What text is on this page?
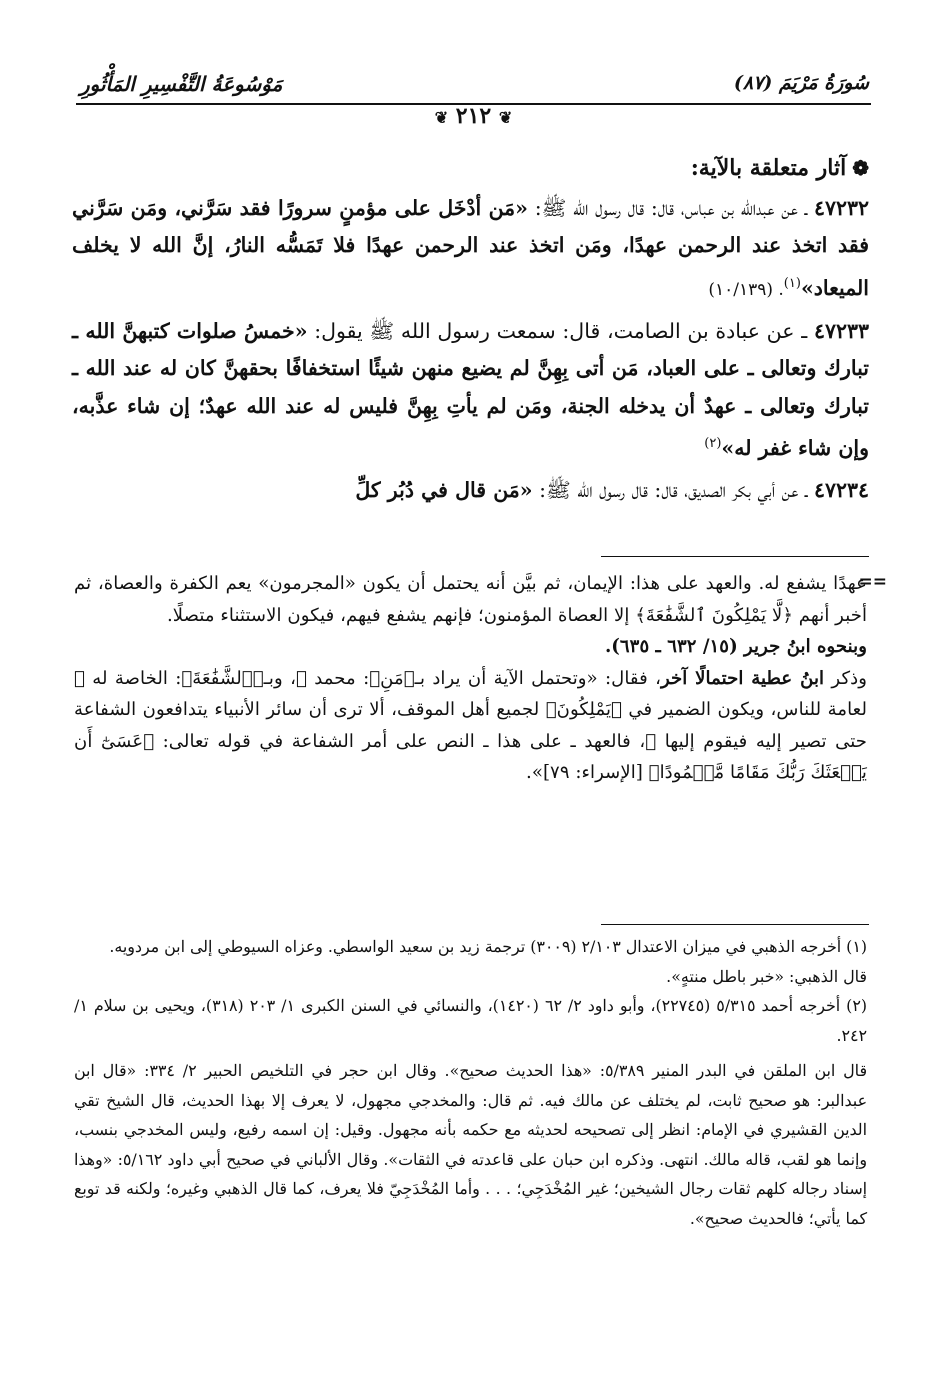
مَوْسُوعَةُ التَّفْسِيرِ المَأْثُورِ	سُورَةُ مَرْيَمَ (٨٧)
❦ ٢١٢ ❦
❁آثار متعلقة بالآية:

٤٧٢٣٢ ـ عن عبدالله بن عباس، قال: قال رسول الله ﷺ: «مَن أدْخَل على مؤمنٍ سرورًا فقد سَرَّني، ومَن سَرَّني فقد اتخذ عند الرحمن عهدًا، ومَن اتخذ عند الرحمن عهدًا فلا تَمَسُّه النارُ، إنَّ الله لا يخلف الميعاد»$^{(١)}$. (١٠/١٣٩)

٤٧٢٣٣ ـ عن عبادة بن الصامت، قال: سمعت رسول الله ﷺ يقول: «خمسُ صلوات كتبهنَّ الله ـ تبارك وتعالى ـ على العباد، مَن أتى بِهِنَّ لم يضيع منهن شيئًا استخفافًا بحقهنَّ كان له عند الله ـ تبارك وتعالى ـ عهدٌ أن يدخله الجنة، ومَن لم يأتِ بِهِنَّ فليس له عند الله عهدٌ؛ إن شاء عذَّبه، وإن شاء غفر له»$^{(٢)}$

٤٧٢٣٤ ـ عن أبي بكر الصديق، قال: قال رسول الله ﷺ: «مَن قال في دُبُر كلِّ

==

عهدًا يشفع له. والعهد على هذا: الإيمان، ثم بيَّن أنه يحتمل أن يكون «المجرمون» يعم الكفرة والعصاة، ثم أخبر أنهم ﴿لَّا يَمْلِكُونَ ٱلشَّفَٰعَةَ﴾ إلا العصاة المؤمنون؛ فإنهم يشفع فيهم، فيكون الاستثناء متصلًا.

وبنحوه ابنُ جرير (١٥/ ٦٣٢ ـ ٦٣٥).

وذكر ابنُ عطية احتمالًا آخر، فقال: «وتحتمل الآية أن يراد بـ﴿مَنِ﴾: محمد ﷺ، وبـ﴿ٱلشَّفَٰعَةَ﴾: الخاصة له ﷺ لعامة للناس، ويكون الضمير في ﴿يَمْلِكُونَ﴾ لجميع أهل الموقف، ألا ترى أن سائر الأنبياء يتدافعون الشفاعة حتى تصير إليه فيقوم إليها ﷺ، فالعهد ـ على هذا ـ النص على أمر الشفاعة في قوله تعالى: ﴿عَسَىٰٓ أَن يَبۡعَثَكَ رَبُّكَ مَقَامًا مَّحۡمُودًا﴾ [الإسراء: ٧٩]».

(١) أخرجه الذهبي في ميزان الاعتدال ٢/١٠٣ (٣٠٠٩) ترجمة زيد بن سعيد الواسطي. وعزاه السيوطي إلى ابن مردويه.

قال الذهبي: «خبر باطل منتهٍ».

(٢) أخرجه أحمد ٥/٣١٥ (٢٢٧٤٥)، وأبو داود ٢/ ٦٢ (١٤٢٠)، والنسائي في السنن الكبرى ١/ ٢٠٣ (٣١٨)، ويحيى بن سلام ١/ ٢٤٢.

قال ابن الملقن في البدر المنير ٥/٣٨٩: «هذا الحديث صحيح». وقال ابن حجر في التلخيص الحبير ٢/ ٣٣٤: «قال ابن عبدالبر: هو صحيح ثابت، لم يختلف عن مالك فيه. ثم قال: والمخدجي مجهول، لا يعرف إلا بهذا الحديث، قال الشيخ تقي الدين القشيري في الإمام: انظر إلى تصحيحه لحديثه مع حكمه بأنه مجهول. وقيل: إن اسمه رفيع، وليس المخدجي بنسب، وإنما هو لقب، قاله مالك. انتهى. وذكره ابن حبان على قاعدته في الثقات». وقال الألباني في صحيح أبي داود ٥/١٦٢: «وهذا إسناد رجاله كلهم ثقات رجال الشيخين؛ غير المُخْدَجِي؛ . . . وأما المُخْدَجِيّ فلا يعرف، كما قال الذهبي وغيره؛ ولكنه قد توبع كما يأتي؛ فالحديث صحيح».
